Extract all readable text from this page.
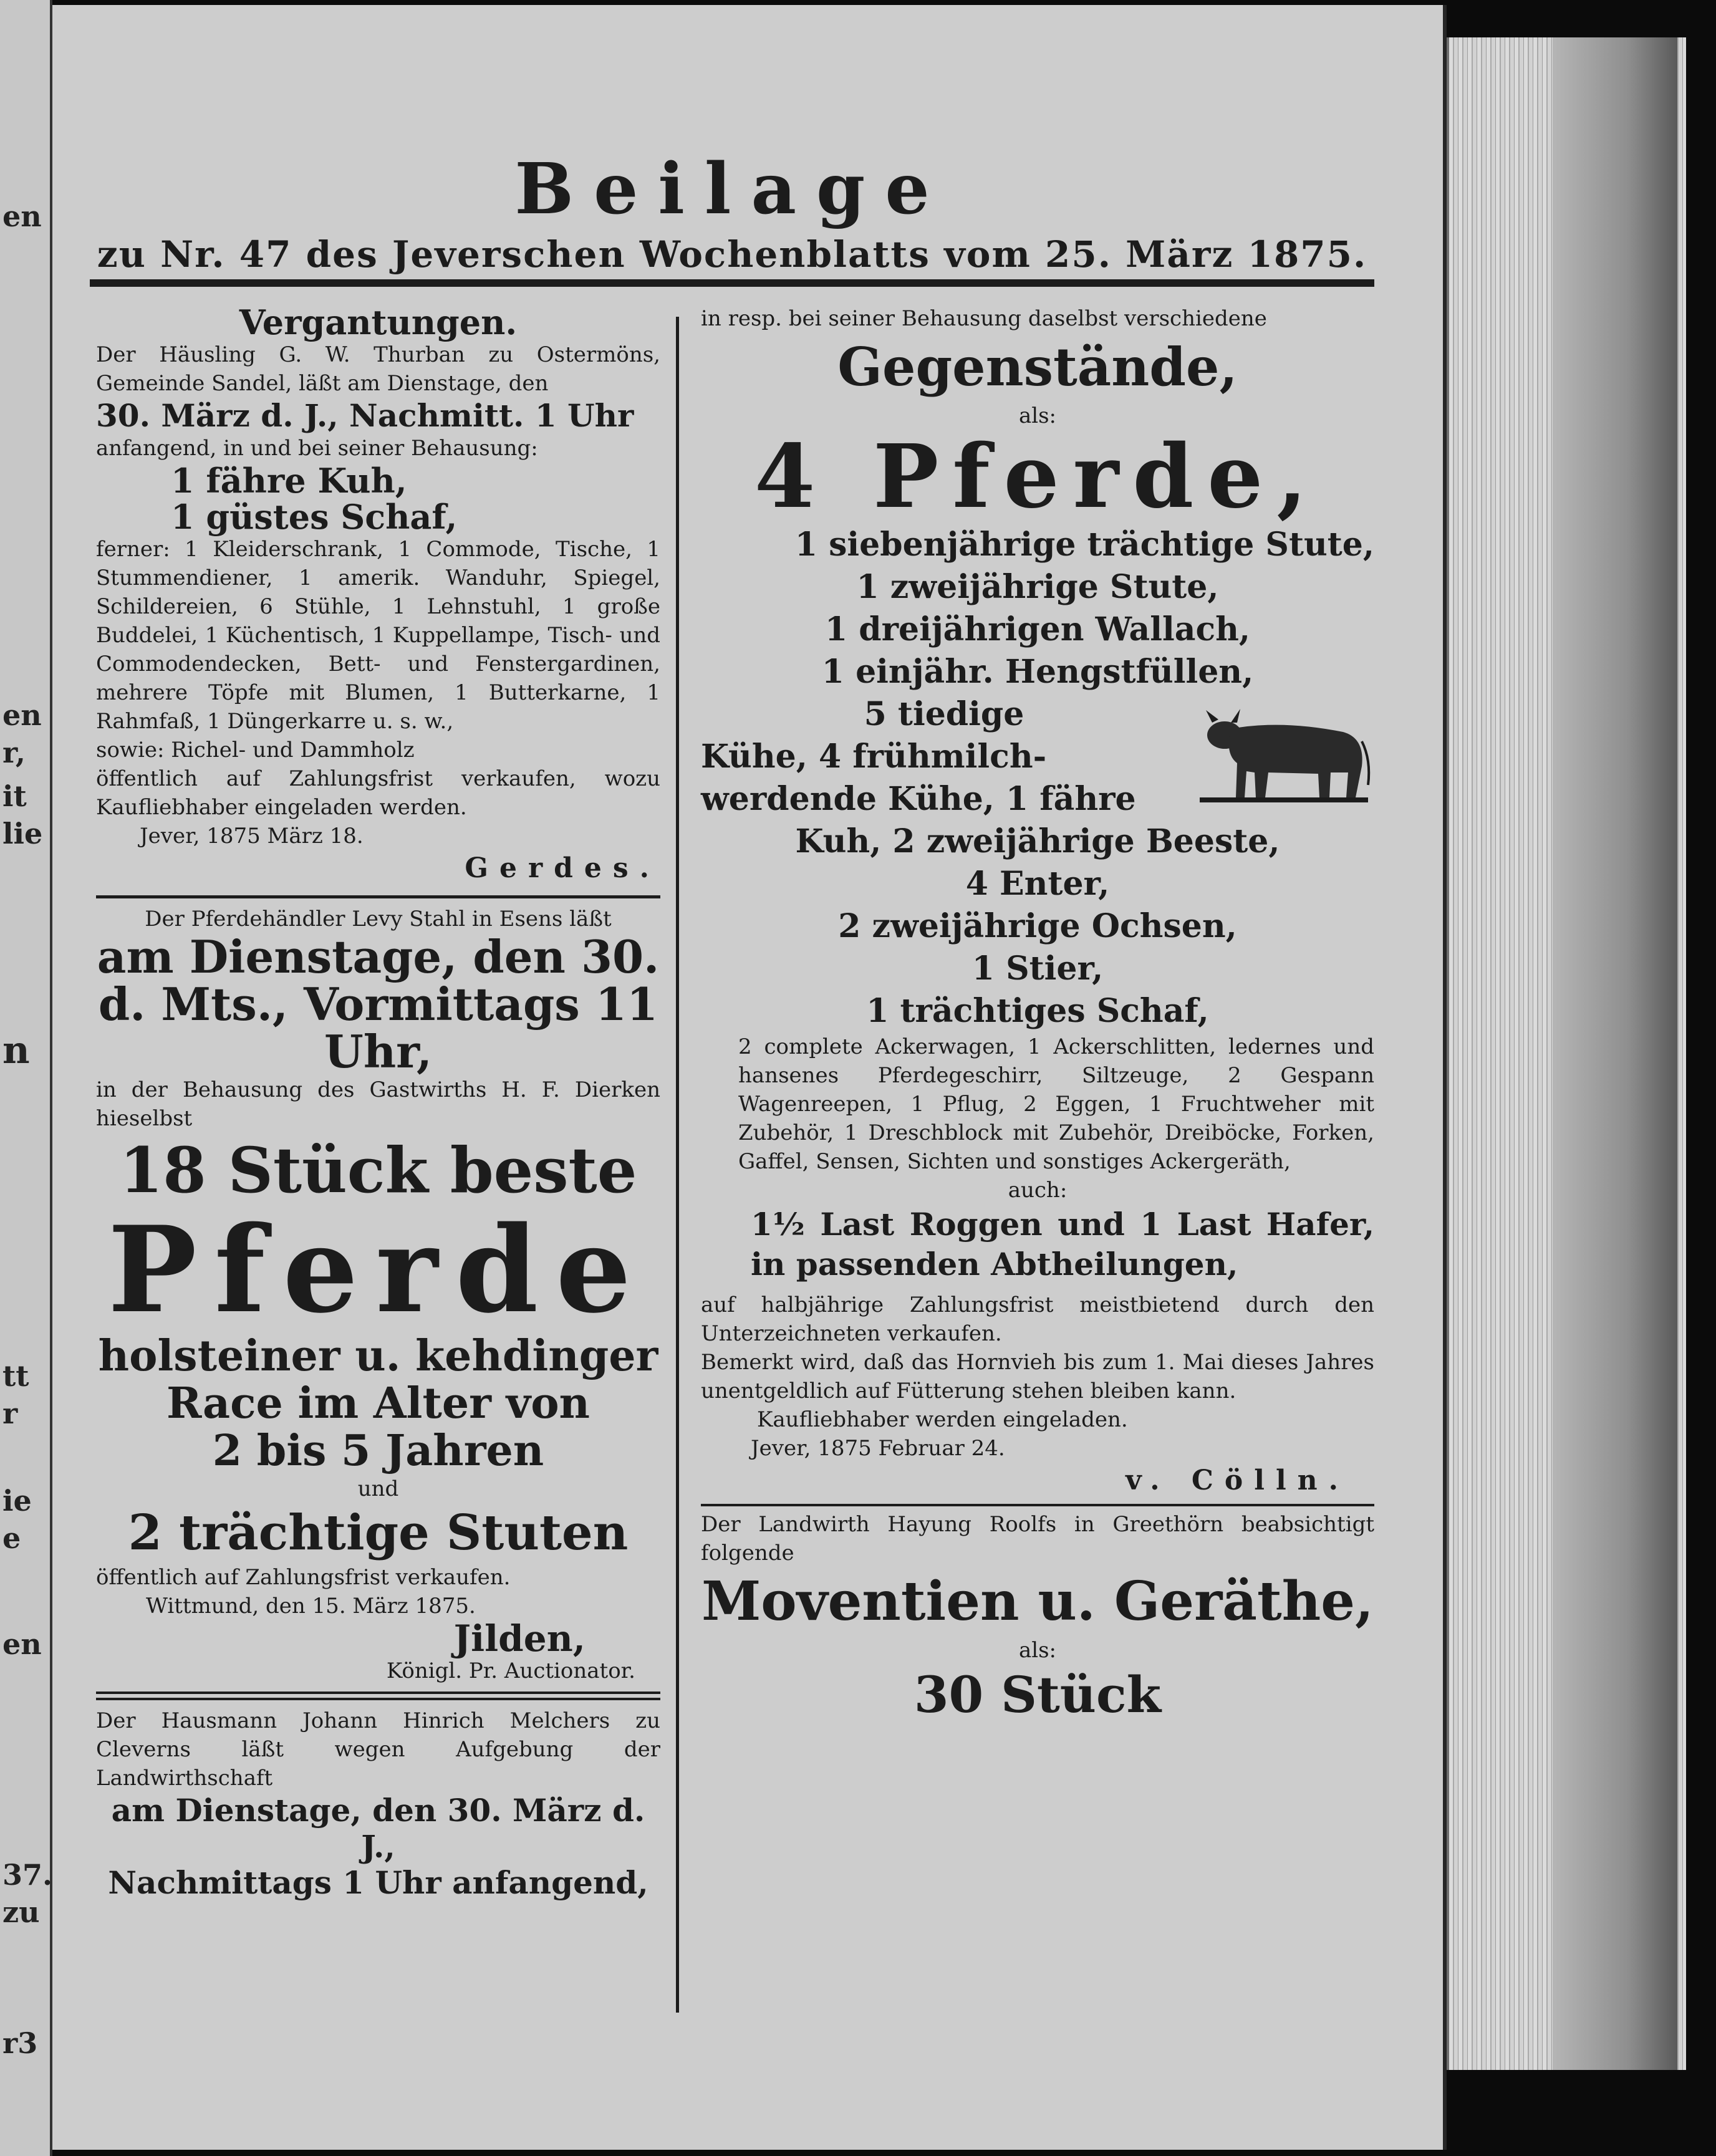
en
en
r,
it
lie
n
tt
r
ie
e
en
37.
zu
r3
Beilage
zu Nr. 47 des Jeverschen Wochenblatts vom 25. März 1875.
Vergantungen.
Der Häusling G. W. Thurban zu Ostermöns, Gemeinde Sandel, läßt am Dienstage, den
30. März d. J., Nachmitt. 1 Uhr
anfangend, in und bei seiner Behausung:
1 fähre Kuh,
1 güstes Schaf,
ferner: 1 Kleiderschrank, 1 Commode, Tische, 1 Stummendiener, 1 amerik. Wanduhr, Spiegel, Schildereien, 6 Stühle, 1 Lehnstuhl, 1 große Buddelei, 1 Küchentisch, 1 Kuppellampe, Tisch- und Commodendecken, Bett- und Fenstergardinen, mehrere Töpfe mit Blumen, 1 Butterkarne, 1 Rahmfaß, 1 Düngerkarre u. s. w.,
sowie: Richel- und Dammholz
öffentlich auf Zahlungsfrist verkaufen, wozu Kaufliebhaber eingeladen werden.
Jever, 1875 März 18.
Gerdes.
Der Pferdehändler Levy Stahl in Esens läßt
am Dienstage, den 30.
d. Mts., Vormittags 11
Uhr,
in der Behausung des Gastwirths H. F. Dierken hieselbst
18 Stück beste
Pferde
holsteiner u. kehdinger
Race im Alter von
2 bis 5 Jahren
und
2 trächtige Stuten
öffentlich auf Zahlungsfrist verkaufen.
Wittmund, den 15. März 1875.
Jilden,
Königl. Pr. Auctionator.
Der Hausmann Johann Hinrich Melchers zu Cleverns läßt wegen Aufgebung der Landwirthschaft
am Dienstage, den 30. März d. J.,
Nachmittags 1 Uhr anfangend,
in resp. bei seiner Behausung daselbst verschiedene
Gegenstände,
als:
4 Pferde,
1 siebenjährige trächtige Stute,
1 zweijährige Stute,
1 dreijährigen Wallach,
1 einjähr. Hengstfüllen,
5 tiedige
Kühe, 4 frühmilch-
werdende Kühe, 1 fähre
Kuh, 2 zweijährige Beeste,
4 Enter,
2 zweijährige Ochsen,
1 Stier,
1 trächtiges Schaf,
2 complete Ackerwagen, 1 Ackerschlitten, ledernes und hansenes Pferdegeschirr, Siltzeuge, 2 Gespann Wagenreepen, 1 Pflug, 2 Eggen, 1 Fruchtweher mit Zubehör, 1 Dreschblock mit Zubehör, Dreiböcke, Forken, Gaffel, Sensen, Sichten und sonstiges Ackergeräth,
auch:
1½ Last Roggen und 1 Last Hafer, in passenden Abtheilungen,
auf halbjährige Zahlungsfrist meistbietend durch den Unterzeichneten verkaufen.
Bemerkt wird, daß das Hornvieh bis zum 1. Mai dieses Jahres unentgeldlich auf Fütterung stehen bleiben kann.
Kaufliebhaber werden eingeladen.
Jever, 1875 Februar 24.
v. Cölln.
Der Landwirth Hayung Roolfs in Greethörn beabsichtigt folgende
Moventien u. Geräthe,
als:
30 Stück
